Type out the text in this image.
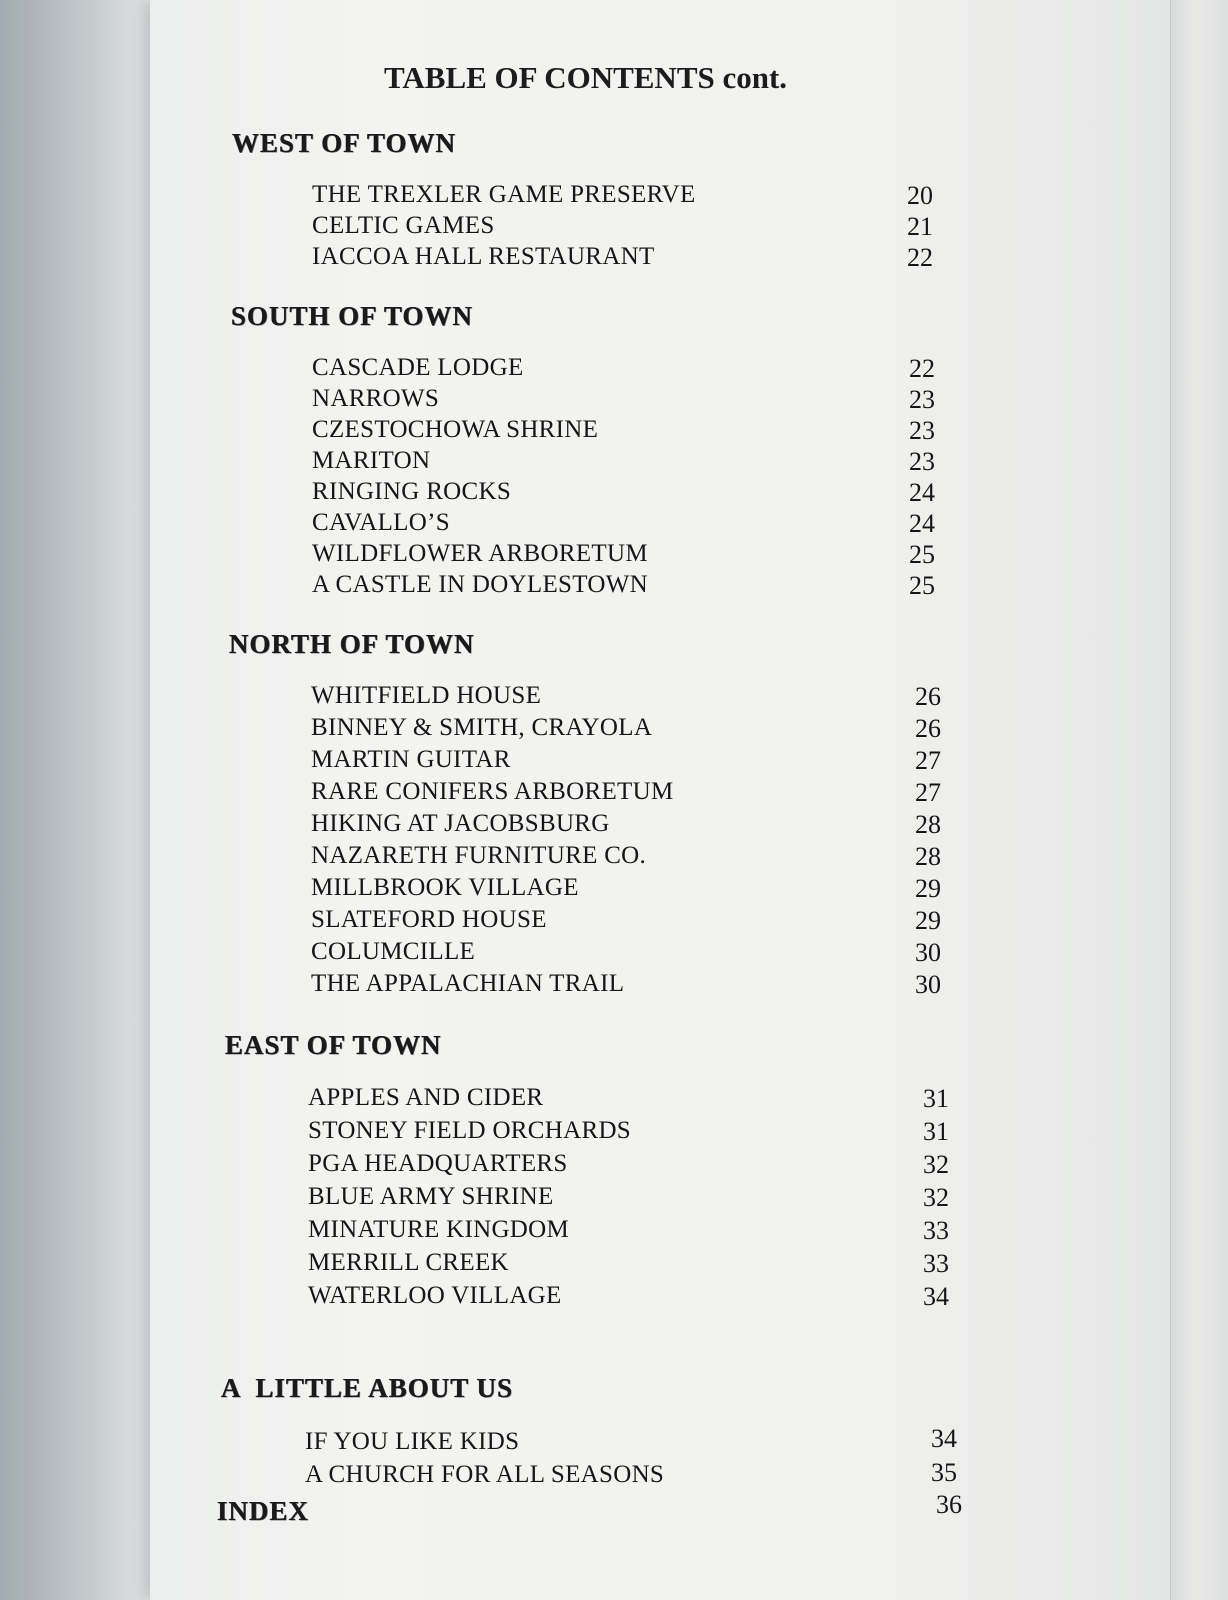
TABLE OF CONTENTS cont.
WEST OF TOWN
THE TREXLER GAME PRESERVE	20
CELTIC GAMES	21
IACCOA HALL RESTAURANT	22
SOUTH OF TOWN
CASCADE LODGE	22
NARROWS	23
CZESTOCHOWA SHRINE	23
MARITON	23
RINGING ROCKS	24
CAVALLO’S	24
WILDFLOWER ARBORETUM	25
A CASTLE IN DOYLESTOWN	25
NORTH OF TOWN
WHITFIELD HOUSE	26
BINNEY & SMITH, CRAYOLA	26
MARTIN GUITAR	27
RARE CONIFERS ARBORETUM	27
HIKING AT JACOBSBURG	28
NAZARETH FURNITURE CO.	28
MILLBROOK VILLAGE	29
SLATEFORD HOUSE	29
COLUMCILLE	30
THE APPALACHIAN TRAIL	30
EAST OF TOWN
APPLES AND CIDER	31
STONEY FIELD ORCHARDS	31
PGA HEADQUARTERS	32
BLUE ARMY SHRINE	32
MINATURE KINGDOM	33
MERRILL CREEK	33
WATERLOO VILLAGE	34
A  LITTLE ABOUT US
IF YOU LIKE KIDS	34
A CHURCH FOR ALL SEASONS	35
INDEX	36
